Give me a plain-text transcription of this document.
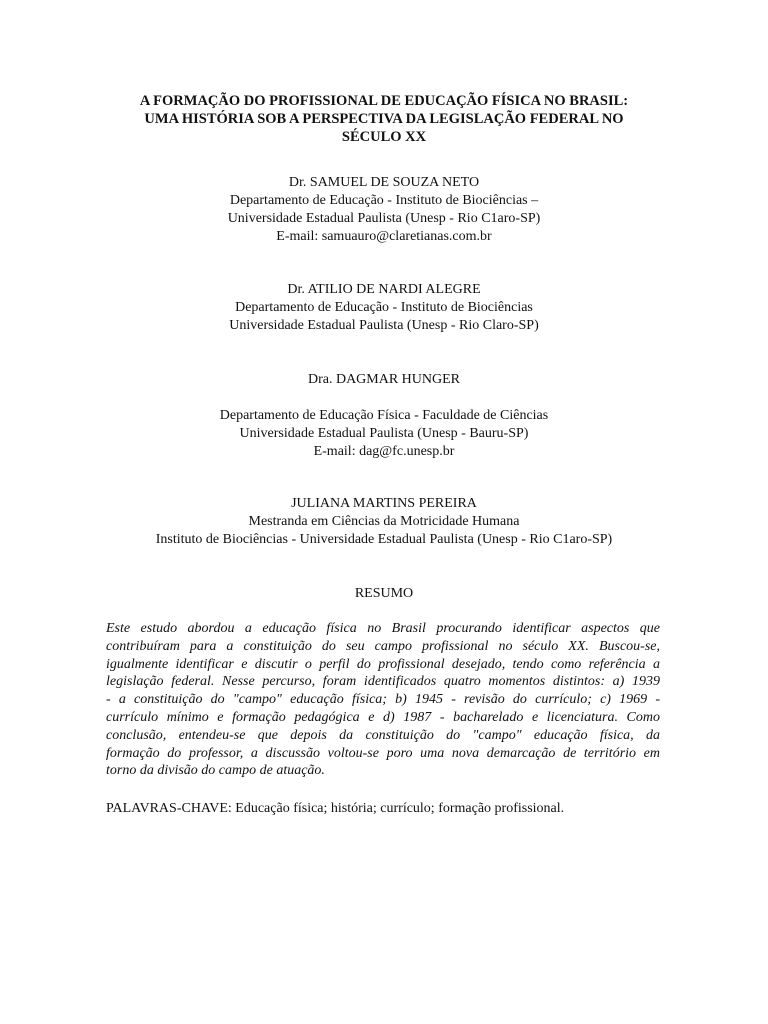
A FORMAÇÃO DO PROFISSIONAL DE EDUCAÇÃO FÍSICA NO BRASIL:
UMA HISTÓRIA SOB A PERSPECTIVA DA LEGISLAÇÃO FEDERAL NO
SÉCULO XX
Dr. SAMUEL DE SOUZA NETO
Departamento de Educação - Instituto de Biociências –
Universidade Estadual Paulista (Unesp - Rio C1aro-SP)
E-mail: samuauro@claretianas.com.br
Dr. ATILIO DE NARDI ALEGRE
Departamento de Educação - Instituto de Biociências
Universidade Estadual Paulista (Unesp - Rio Claro-SP)
Dra. DAGMAR HUNGER
Departamento de Educação Física - Faculdade de Ciências
Universidade Estadual Paulista (Unesp - Bauru-SP)
E-mail: dag@fc.unesp.br
JULIANA MARTINS PEREIRA
Mestranda em Ciências da Motricidade Humana
Instituto de Biociências - Universidade Estadual Paulista (Unesp - Rio C1aro-SP)
RESUMO
Este estudo abordou a educação física no Brasil procurando identificar aspectos que
contribuíram para a constituição do seu campo profissional no século XX. Buscou-se,
igualmente identificar e discutir o perfil do profissional desejado, tendo como referência a
legislação federal. Nesse percurso, foram identificados quatro momentos distintos: a) 1939
- a constituição do "campo" educação física; b) 1945 - revisão do currículo; c) 1969 -
currículo mínimo e formação pedagógica e d) 1987 - bacharelado e licenciatura. Como
conclusão, entendeu-se que depois da constituição do "campo" educação física, da
formação do professor, a discussão voltou-se poro uma nova demarcação de território em
torno da divisão do campo de atuação.
PALAVRAS-CHAVE: Educação física; história; currículo; formação profissional.
